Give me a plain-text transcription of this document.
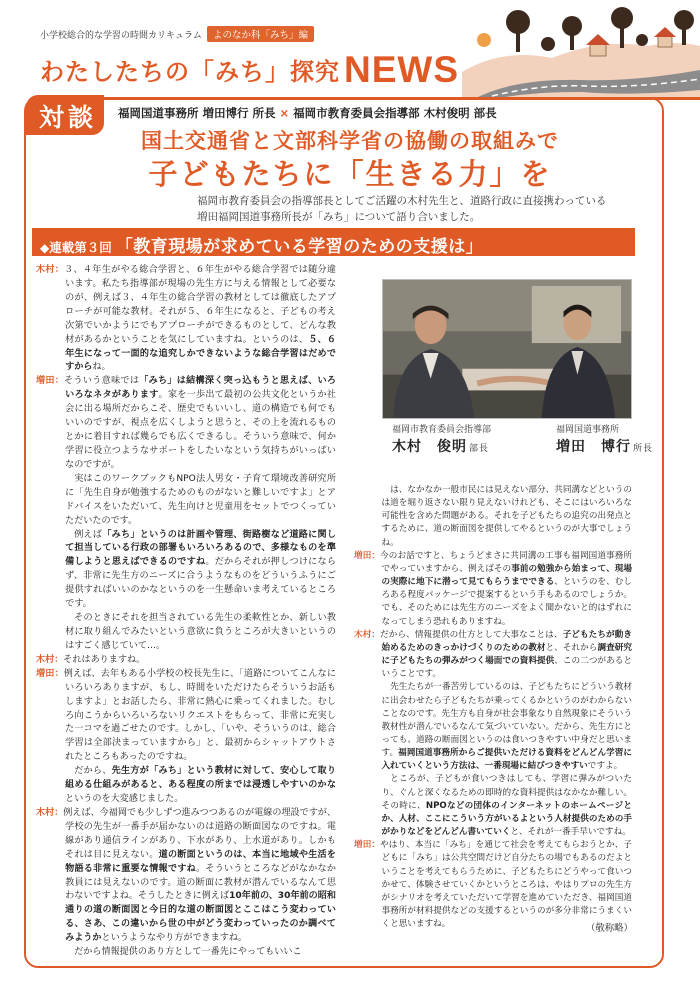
小学校総合的な学習の時間カリキュラム	よのなか科「みち」編
わたしたちの「みち」探究 NEWS
対談	福岡国道事務所 増田博行 所長 × 福岡市教育委員会指導部 木村俊明 部長
国土交通省と文部科学省の協働の取組みで
子どもたちに「生きる力」を
福岡市教育委員会の指導部長としてご活躍の木村先生と、道路行政に直接携わっている
増田福岡国道事務所長が「みち」について語り合いました。
◆連載第３回 「教育現場が求めている学習のための支援は」
福岡市教育委員会指導部
木村　俊明 部長
福岡国道事務所
増田　博行 所長
木村：３、４年生がやる総合学習と、６年生がやる総合学習では随分違います。私たち指導部が現場の先生方に与える情報として必要なのが、例えば３、４年生の総合学習の教材としては徹底したアプローチが可能な教材。それが５、６年生になると、子どもの考え次第でいかようにでもアプローチができるものとして、どんな教材があるかということを気にしていますね。というのは、５、６年生になって一面的な追究しかできないような総合学習はだめですからね。
増田：そういう意味では「みち」は結構深く突っ込もうと思えば、いろいろなネタがあります。家を一歩出て最初の公共文化というか社会に出る場所だからこそ、歴史でもいいし、道の構造でも何でもいいのですが、視点を広くしようと思うと、その上を流れるものとかに着目すれば幾らでも広くできるし。そういう意味で、何か学習に役立つようなサポートをしたいなという気持ちがいっぱいなのですが。
実はこのワークブックもNPO法人男女・子育て環境改善研究所に「先生自身が勉強するためのものがないと難しいですよ」とアドバイスをいただいて、先生向けと児童用をセットでつくっていただいたのです。
例えば「みち」というのは計画や管理、街路樹など道路に関して担当している行政の部署もいろいろあるので、多様なものを準備しようと思えばできるのですね。だからそれが押しつけにならず、非常に先生方のニーズに合うようなものをどういうふうにご提供すればいいのかなというのを一生懸命いま考えているところです。
そのときにそれを担当されている先生の柔軟性とか、新しい教材に取り組んでみたいという意欲に負うところが大きいというのはすごく感じていて…。
木村：それはありますね。
増田：例えば、去年もある小学校の校長先生に、「道路についてこんなにいろいろありますが、もし、時間をいただけたらそういうお話もしますよ」とお話したら、非常に熱心に乗ってくれました。むしろ向こうからいろいろないリクエストをもらって、非常に充実した一コマを過ごせたのです。しかし、「いや、そういうのは、総合学習は全部決まっていますから」と、最初からシャットアウトされたところもあったのですね。
だから、先生方が「みち」という教材に対して、安心して取り組める仕組みがあると、ある程度の所までは浸透しやすいのかなというのを大変感じました。
木村：例えば、今福岡でも少しずつ進みつつあるのが電線の埋設ですが、学校の先生が一番手が届かないのは道路の断面図なのですね。電線があり通信ラインがあり、下水があり、上水道があり。しかもそれは目に見えない。道の断面というのは、本当に地域や生活を物語る非常に重要な情報ですね。そういうところなどがなかなか教員には見えないのです。道の断面に教材が潜んでいるなんて思わないですよね。そうしたときに例えば10年前の、30年前の昭和通りの道の断面図と今日的な道の断面図とここはこう変わっている、さあ、この違いから世の中がどう変わっていったのか調べてみようかというようなやり方ができますね。
だから情報提供のあり方として一番先にやってもいいこ
は、なかなか一般市民には見えない部分、共同溝などというのは道を堀り返さない限り見えないけれども、そこにはいろいろな可能性を含めた問題がある。それを子どもたちの追究の出発点とするために、道の断面図を提供してやるというのが大事でしょうね。
増田：今のお話ですと、ちょうどまさに共同溝の工事も福岡国道事務所でやっていますから、例えばその事前の勉強から始まって、現場の実際に地下に潜って見てもらうまでできる、というのを、むしろある程度パッケージで提案するという手もあるのでしょうか。でも、そのためには先生方のニーズをよく聞かないと的はずれになってしまう恐れもありますね。
木村：だから、情報提供の仕方として大事なことは、子どもたちが動き始めるためのきっかけづくりのための教材と、それから調査研究に子どもたちの弾みがつく場面での資料提供、この二つがあるということです。
先生たちが一番苦労しているのは、子どもたちにどういう教材に出会わせたら子どもたちが乗ってくるかというのがわからないことなのです。先生方も自身が社会事象なり自然現象にそういう教材性が潜んでいるなんて気づいていない。だから、先生方にとっても、道路の断面図というのは食いつきやすい中身だと思います。福岡国道事務所からご提供いただける資料をどんどん学習に入れていくという方法は、一番現場に結びつきやすいですよ。
ところが、子どもが食いつきはしても、学習に弾みがついたり、ぐんと深くなるための即時的な資料提供はなかなか難しい。その時に、NPOなどの団体のインターネットのホームページとか、人材、ここにこういう方がいるよという人材提供のための手がかりなどをどんどん書いていくと、それが一番手早いですね。
増田：やはり、本当に「みち」を通じて社会を考えてもらおうとか、子どもに「みち」は公共空間だけど自分たちの場でもあるのだよということを考えてもらうために、子どもたちにどうやって食いつかせて、体験させていくかというところは、やはりプロの先生方がシナリオを考えていただいて学習を進めていただき、福岡国道事務所が材料提供などの支援するというのが多分非常にうまくいくと思いますね。	（敬称略）
